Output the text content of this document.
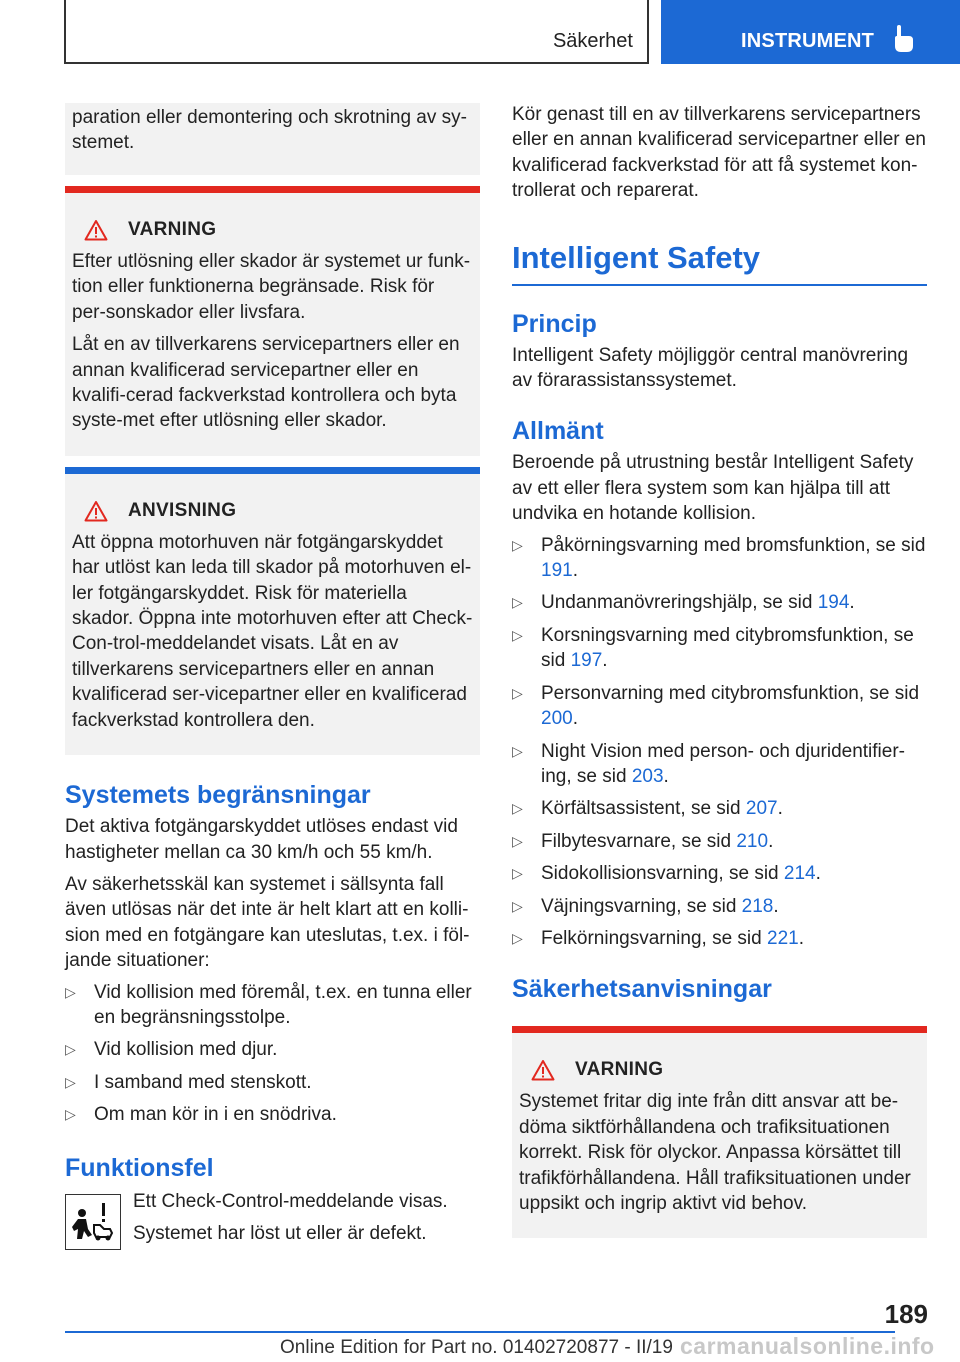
Säkerhet	INSTRUMENT

paration eller demontering och skrotning av sy-stemet.

VARNING

Efter utlösning eller skador är systemet ur funk-tion eller funktionerna begränsade. Risk för per-sonskador eller livsfara.

Låt en av tillverkarens servicepartners eller en annan kvalificerad servicepartner eller en kvalifi-cerad fackverkstad kontrollera och byta syste-met efter utlösning eller skador.

ANVISNING

Att öppna motorhuven när fotgängarskyddet har utlöst kan leda till skador på motorhuven el-ler fotgängarskyddet. Risk för materiella skador. Öppna inte motorhuven efter att Check-Con-trol-meddelandet visats. Låt en av tillverkarens servicepartners eller en annan kvalificerad ser-vicepartner eller en kvalificerad fackverkstad kontrollera den.

Systemets begränsningar

Det aktiva fotgängarskyddet utlöses endast vid hastigheter mellan ca 30 km/h och 55 km/h.

Av säkerhetsskäl kan systemet i sällsynta fall även utlösas när det inte är helt klart att en kolli-sion med en fotgängare kan uteslutas, t.ex. i föl-jande situationer:

▷ Vid kollision med föremål, t.ex. en tunna eller en begränsningsstolpe.
▷ Vid kollision med djur.
▷ I samband med stenskott.
▷ Om man kör in i en snödriva.
Funktionsfel

Ett Check-Control-meddelande visas.

Systemet har löst ut eller är defekt.

Kör genast till en av tillverkarens servicepartners eller en annan kvalificerad servicepartner eller en kvalificerad fackverkstad för att få systemet kon-trollerat och reparerat.

Intelligent Safety
Princip

Intelligent Safety möjliggör central manövrering av förarassistanssystemet.

Allmänt

Beroende på utrustning består Intelligent Safety av ett eller flera system som kan hjälpa till att undvika en hotande kollision.

▷ Påkörningsvarning med bromsfunktion, se sid 191.
▷ Undanmanövreringshjälp, se sid 194.
▷ Korsningsvarning med citybromsfunktion, se sid 197.
▷ Personvarning med citybromsfunktion, se sid 200.
▷ Night Vision med person- och djuridentifier-ing, se sid 203.
▷ Körfältsassistent, se sid 207.
▷ Filbytesvarnare, se sid 210.
▷ Sidokollisionsvarning, se sid 214.
▷ Väjningsvarning, se sid 218.
▷ Felkörningsvarning, se sid 221.
Säkerhetsanvisningar
VARNING

Systemet fritar dig inte från ditt ansvar att be-döma siktförhållandena och trafiksituationen korrekt. Risk för olyckor. Anpassa körsättet till trafikförhållandena. Håll trafiksituationen under uppsikt och ingrip aktivt vid behov.

189
Online Edition for Part no. 01402720877 - II/19 carmanualsonline.info
